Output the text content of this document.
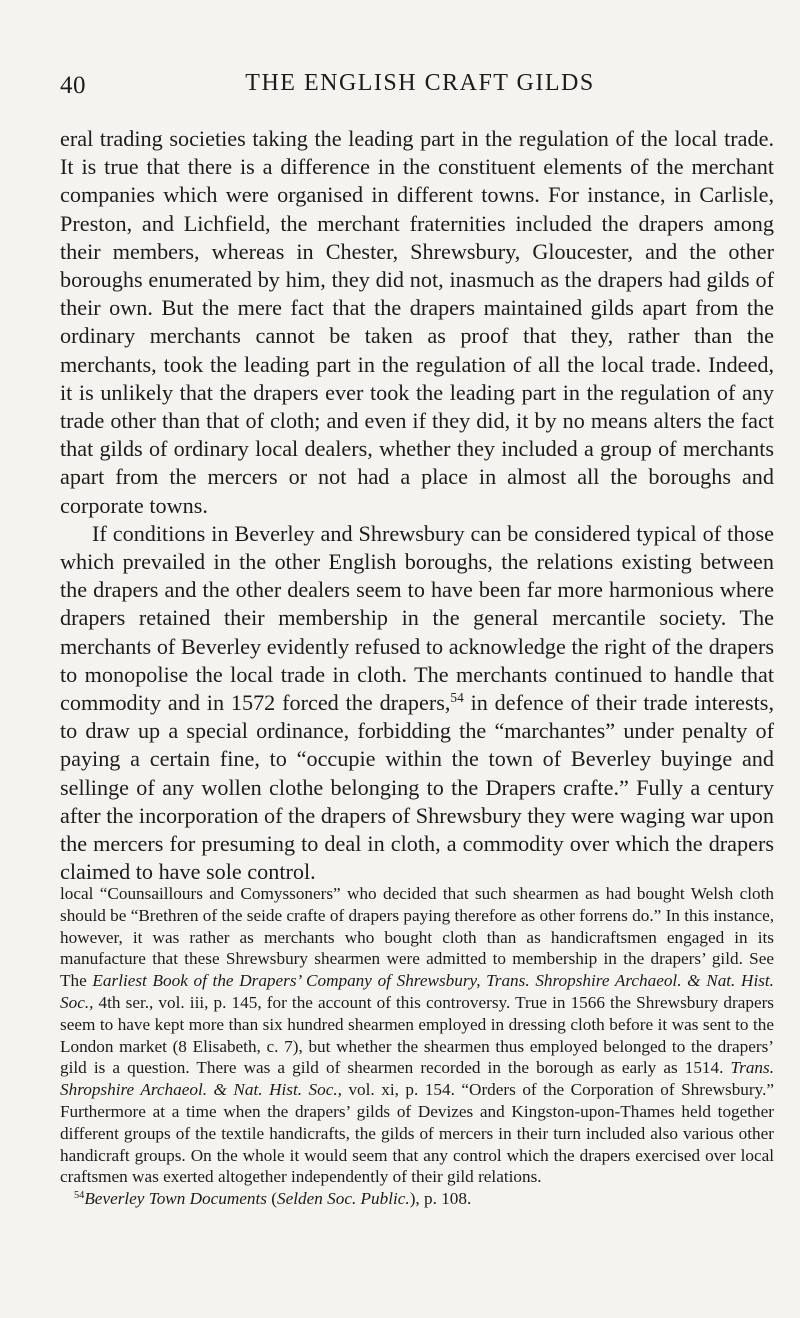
40	THE ENGLISH CRAFT GILDS

eral trading societies taking the leading part in the regulation of the local trade. It is true that there is a difference in the constituent elements of the merchant companies which were organised in different towns. For instance, in Carlisle, Preston, and Lichfield, the merchant fraternities included the drapers among their members, whereas in Chester, Shrewsbury, Gloucester, and the other boroughs enumerated by him, they did not, inasmuch as the drapers had gilds of their own. But the mere fact that the drapers maintained gilds apart from the ordinary merchants cannot be taken as proof that they, rather than the merchants, took the leading part in the regulation of all the local trade. Indeed, it is unlikely that the drapers ever took the leading part in the regulation of any trade other than that of cloth; and even if they did, it by no means alters the fact that gilds of ordinary local dealers, whether they included a group of merchants apart from the mercers or not had a place in almost all the boroughs and corporate towns.

If conditions in Beverley and Shrewsbury can be considered typical of those which prevailed in the other English boroughs, the relations existing between the drapers and the other dealers seem to have been far more harmonious where drapers retained their membership in the general mercantile society. The merchants of Beverley evidently refused to acknowledge the right of the drapers to monopolise the local trade in cloth. The merchants continued to handle that commodity and in 1572 forced the drapers,$^{54}$ in defence of their trade interests, to draw up a special ordinance, forbidding the “marchantes” under penalty of paying a certain fine, to “occupie within the town of Beverley buyinge and sellinge of any wollen clothe belonging to the Drapers crafte.” Fully a century after the incorporation of the drapers of Shrewsbury they were waging war upon the mercers for presuming to deal in cloth, a commodity over which the drapers claimed to have sole control.

local “Counsaillours and Comyssoners” who decided that such shearmen as had bought Welsh cloth should be “Brethren of the seide crafte of drapers paying therefore as other forrens do.” In this instance, however, it was rather as merchants who bought cloth than as handicraftsmen engaged in its manufacture that these Shrewsbury shearmen were admitted to membership in the drapers’ gild. See The Earliest Book of the Drapers’ Company of Shrewsbury, Trans. Shropshire Archaeol. & Nat. Hist. Soc., 4th ser., vol. iii, p. 145, for the account of this controversy. True in 1566 the Shrewsbury drapers seem to have kept more than six hundred shearmen employed in dressing cloth before it was sent to the London market (8 Elisabeth, c. 7), but whether the shearmen thus employed belonged to the drapers’ gild is a question. There was a gild of shearmen recorded in the borough as early as 1514. Trans. Shropshire Archaeol. & Nat. Hist. Soc., vol. xi, p. 154. “Orders of the Corporation of Shrewsbury.” Furthermore at a time when the drapers’ gilds of Devizes and Kingston-upon-Thames held together different groups of the textile handicrafts, the gilds of mercers in their turn included also various other handicraft groups. On the whole it would seem that any control which the drapers exercised over local craftsmen was exerted altogether independently of their gild relations.

$^{54}$Beverley Town Documents (Selden Soc. Public.), p. 108.
